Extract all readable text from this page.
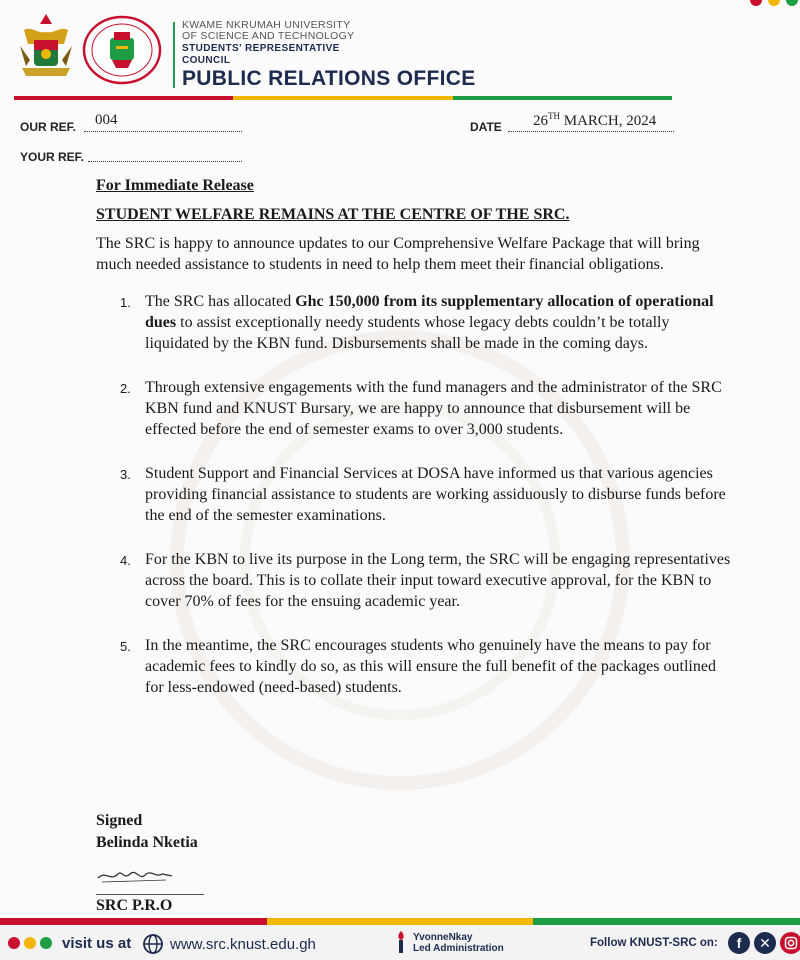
KWAME NKRUMAH UNIVERSITY
OF SCIENCE AND TECHNOLOGY
STUDENTS' REPRESENTATIVE
COUNCIL
PUBLIC RELATIONS OFFICE
OUR REF. 004	DATE 26TH MARCH, 2024
YOUR REF.
For Immediate Release
STUDENT WELFARE REMAINS AT THE CENTRE OF THE SRC.
The SRC is happy to announce updates to our Comprehensive Welfare Package that will bring much needed assistance to students in need to help them meet their financial obligations.
1. The SRC has allocated Ghc 150,000 from its supplementary allocation of operational dues to assist exceptionally needy students whose legacy debts couldn’t be totally liquidated by the KBN fund. Disbursements shall be made in the coming days.
2. Through extensive engagements with the fund managers and the administrator of the SRC KBN fund and KNUST Bursary, we are happy to announce that disbursement will be effected before the end of semester exams to over 3,000 students.
3. Student Support and Financial Services at DOSA have informed us that various agencies providing financial assistance to students are working assiduously to disburse funds before the end of the semester examinations.
4. For the KBN to live its purpose in the Long term, the SRC will be engaging representatives across the board. This is to collate their input toward executive approval, for the KBN to cover 70% of fees for the ensuing academic year.
5. In the meantime, the SRC encourages students who genuinely have the means to pay for academic fees to kindly do so, as this will ensure the full benefit of the packages outlined for less-endowed (need-based) students.
Signed
Belinda Nketia
SRC P.R.O
visit us at	www.src.knust.edu.gh	YvonneNkay
Led Administration	Follow KNUST-SRC on:	f	✕
